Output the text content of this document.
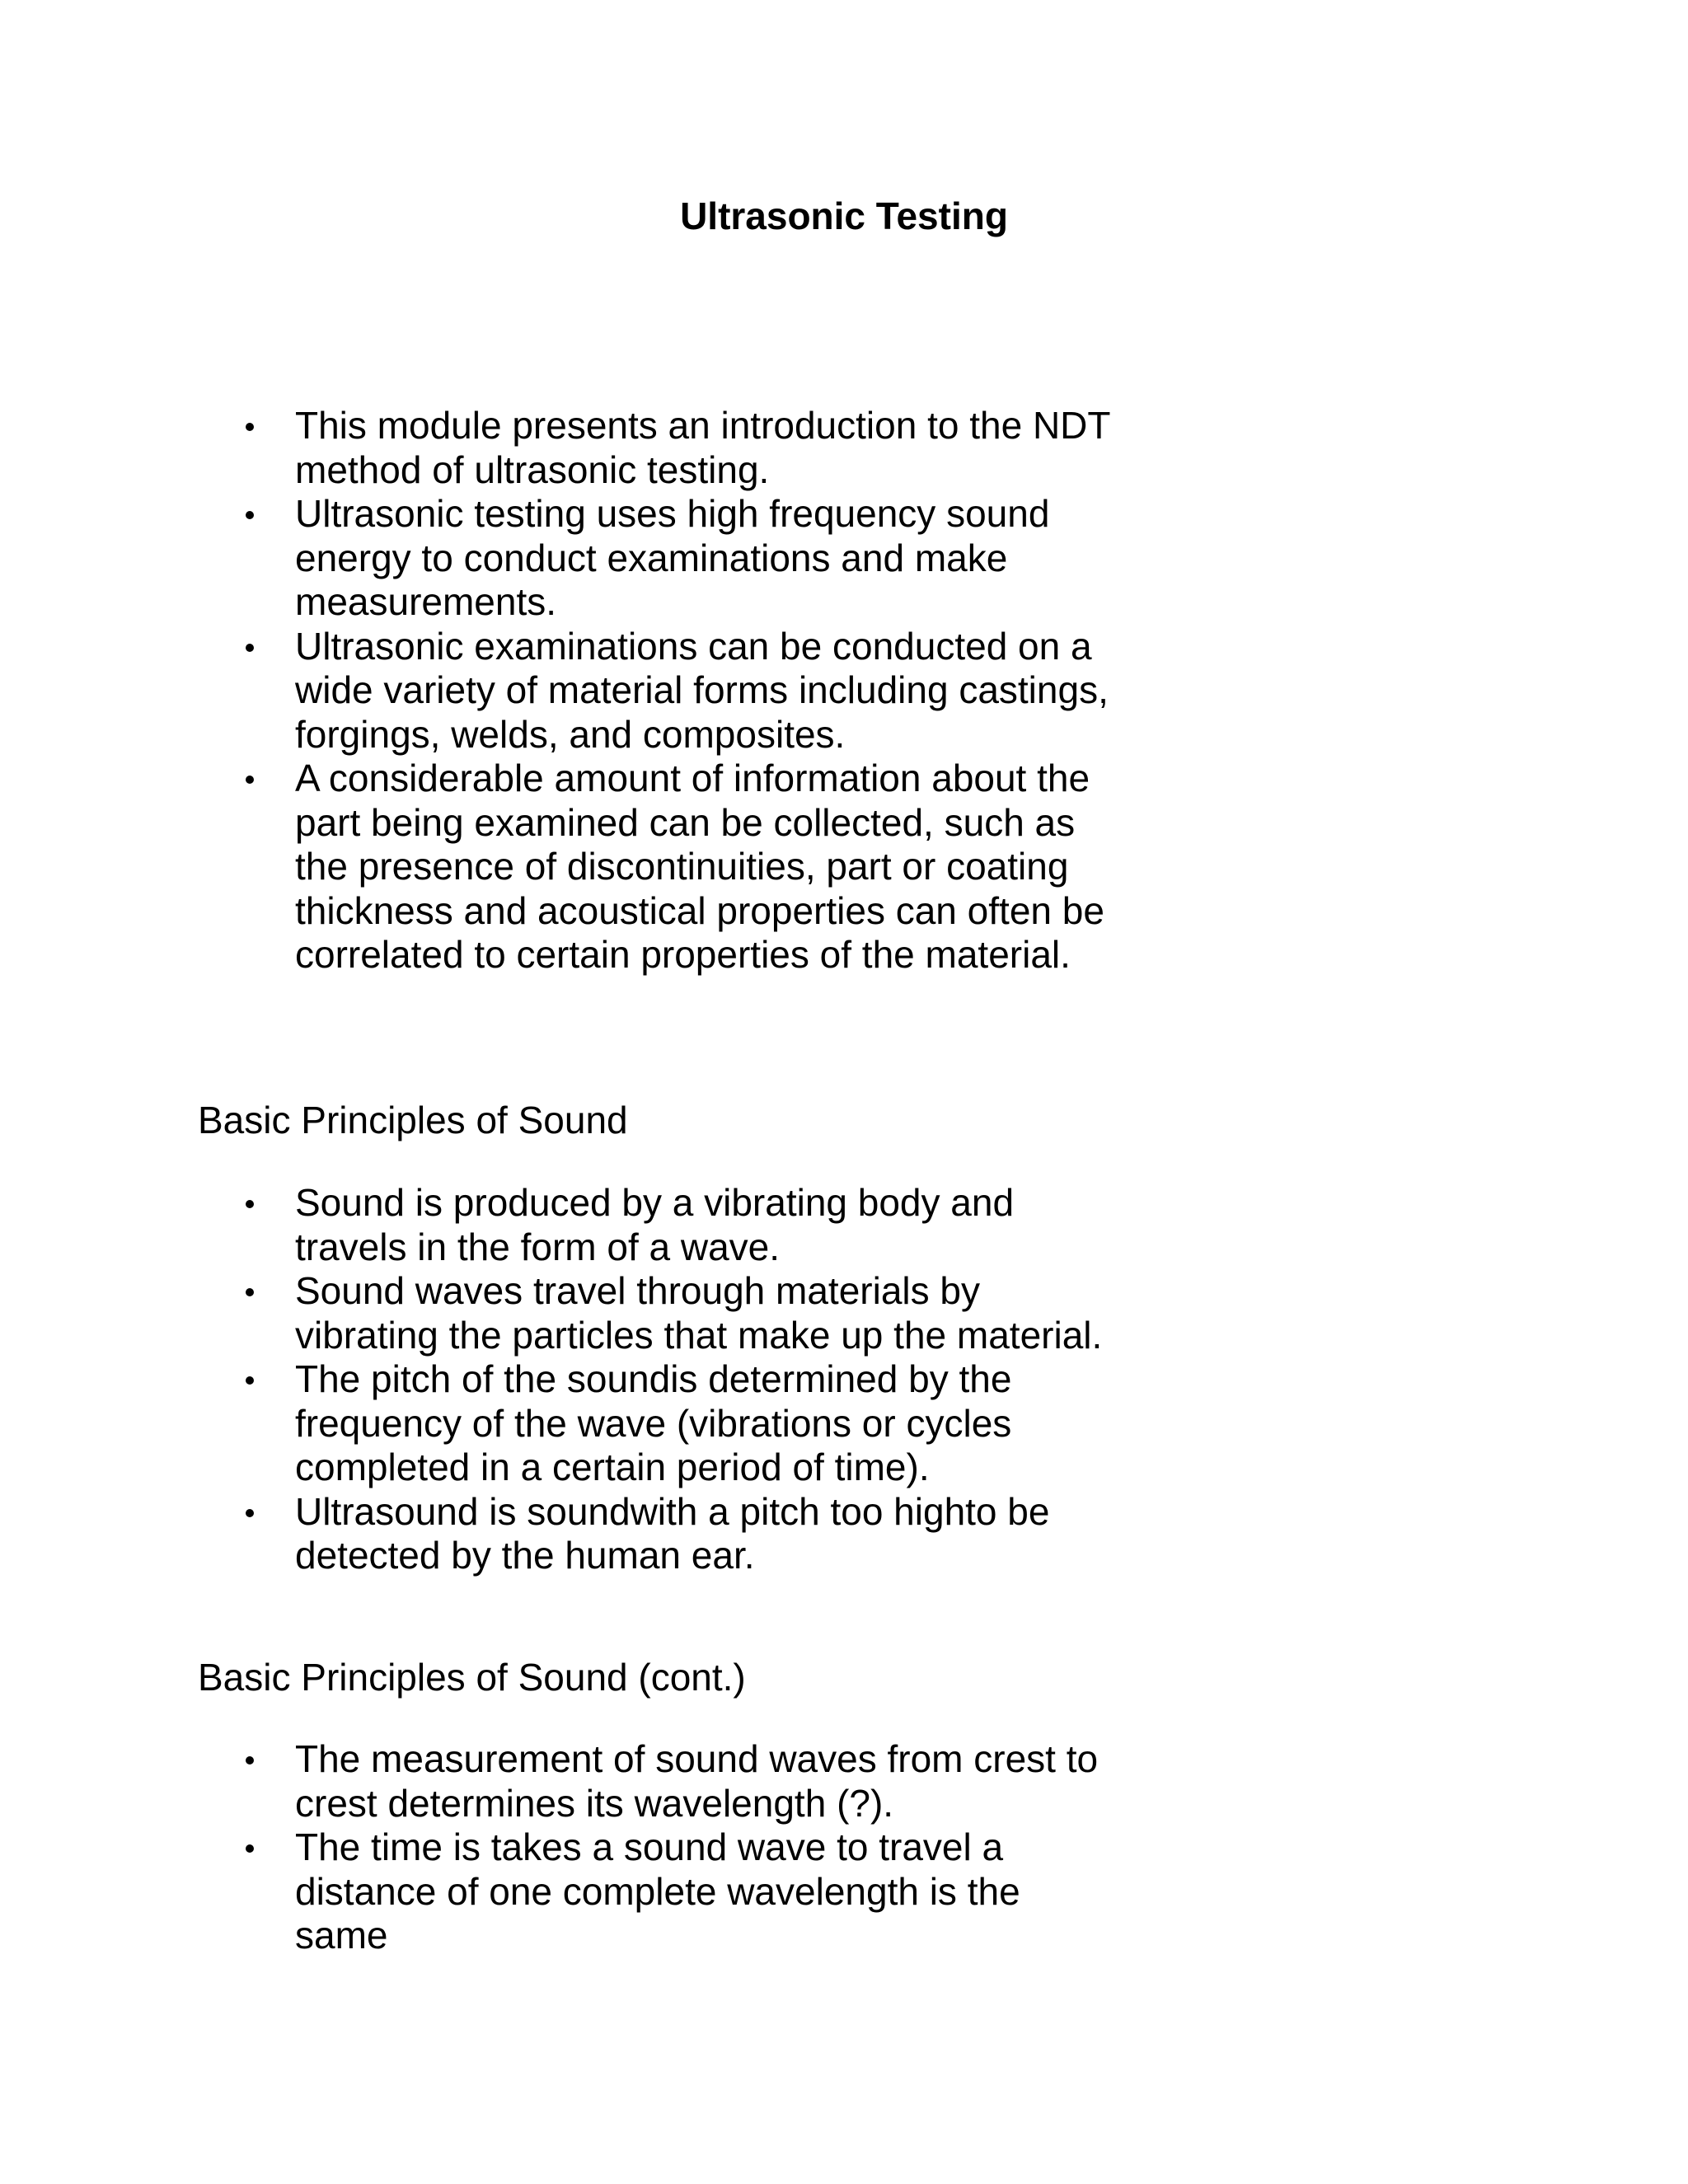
Ultrasonic Testing
This module presents an introduction to the NDT method of ultrasonic testing.
Ultrasonic testing uses high frequency sound energy to conduct examinations and make measurements.
Ultrasonic examinations can be conducted on a wide variety of material forms including castings, forgings, welds, and composites.
A considerable amount of information about the part being examined can be collected, such as the presence of discontinuities, part or coating thickness and acoustical properties can often be correlated to certain properties of the material.
Basic Principles of Sound
Sound is produced by a vibrating body and travels in the form of a wave.
Sound waves travel through materials by vibrating the particles that make up the material.
The pitch of the soundis determined by the frequency of the wave (vibrations or cycles completed in a certain period of time).
Ultrasound is soundwith a pitch too highto be detected by the human ear.
Basic Principles of Sound (cont.)
The measurement of sound waves from crest to crest determines its wavelength (?).
The time is takes a sound wave to travel a distance of one complete wavelength is the same
